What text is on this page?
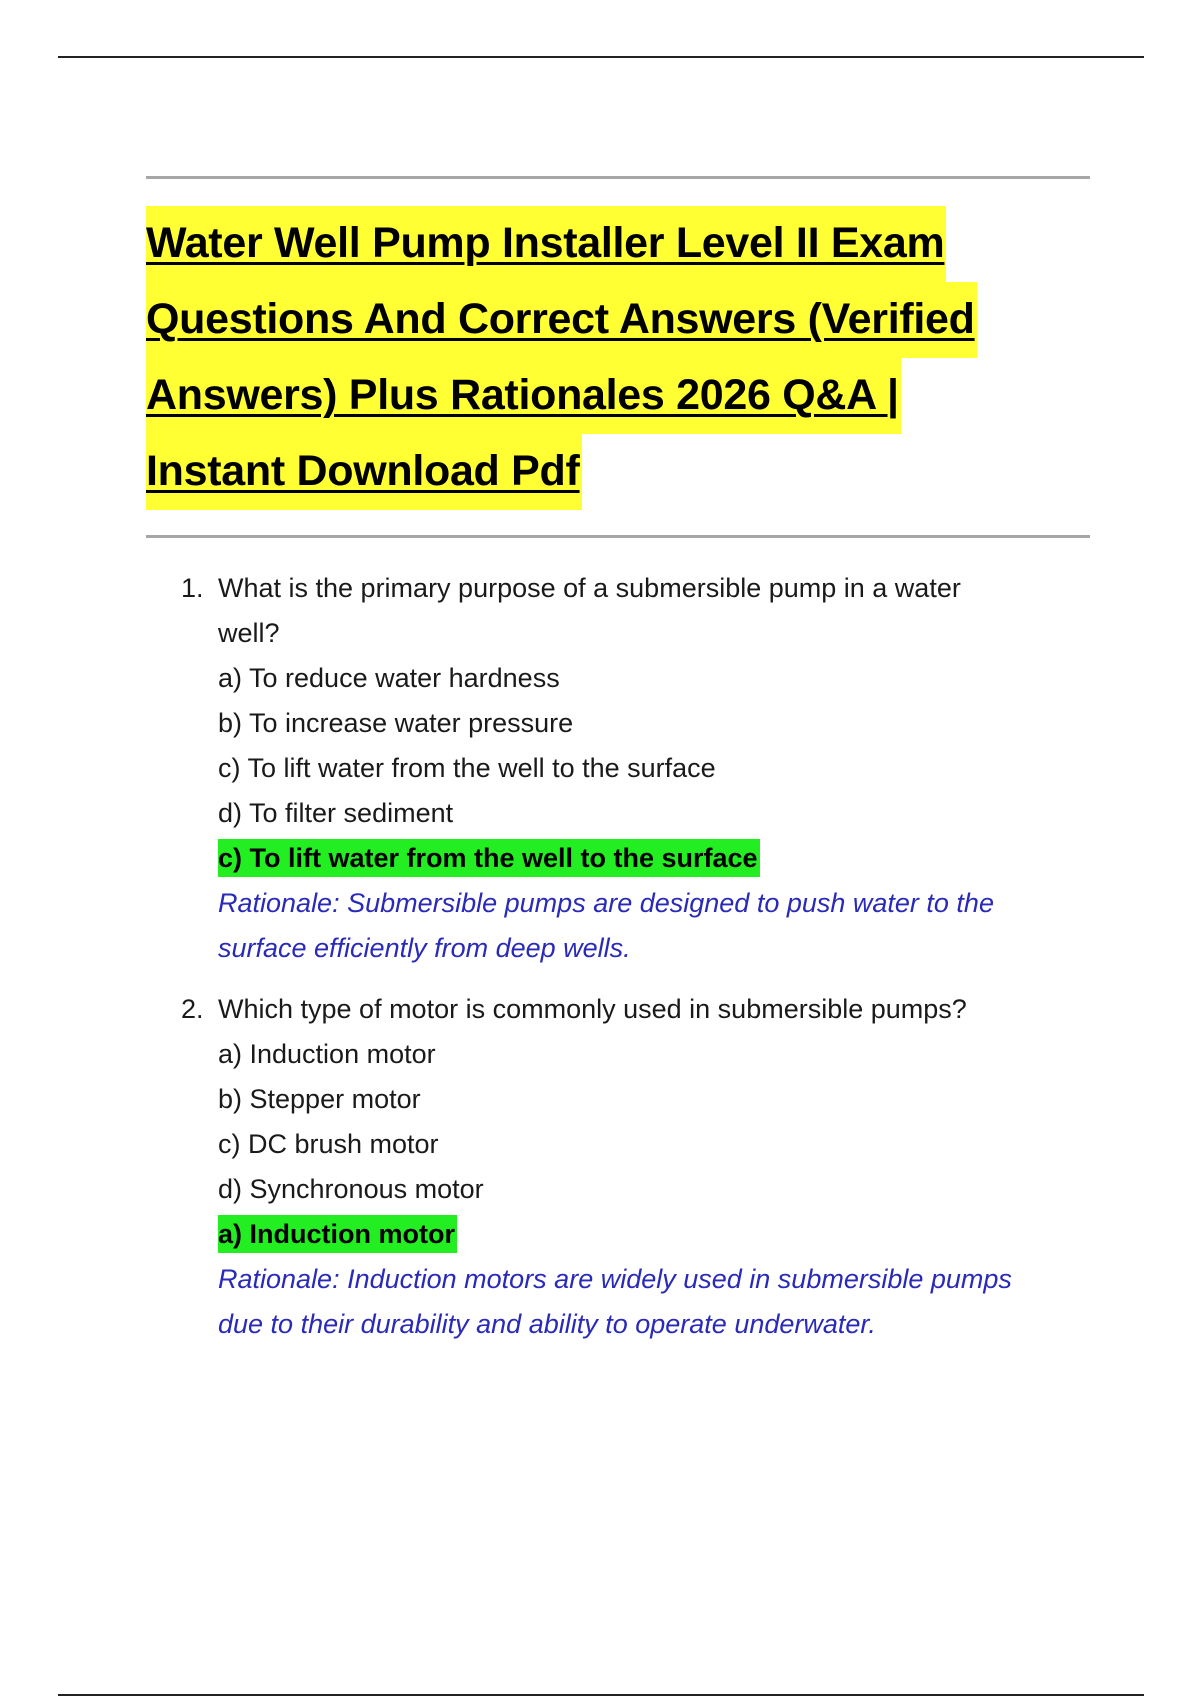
Water Well Pump Installer Level II Exam
Questions And Correct Answers (Verified
Answers) Plus Rationales 2026 Q&A |
Instant Download Pdf
1. What is the primary purpose of a submersible pump in a water
well?
a) To reduce water hardness
b) To increase water pressure
c) To lift water from the well to the surface
d) To filter sediment
c) To lift water from the well to the surface
Rationale: Submersible pumps are designed to push water to the
surface efficiently from deep wells.
2. Which type of motor is commonly used in submersible pumps?
a) Induction motor
b) Stepper motor
c) DC brush motor
d) Synchronous motor
a) Induction motor
Rationale: Induction motors are widely used in submersible pumps
due to their durability and ability to operate underwater.
